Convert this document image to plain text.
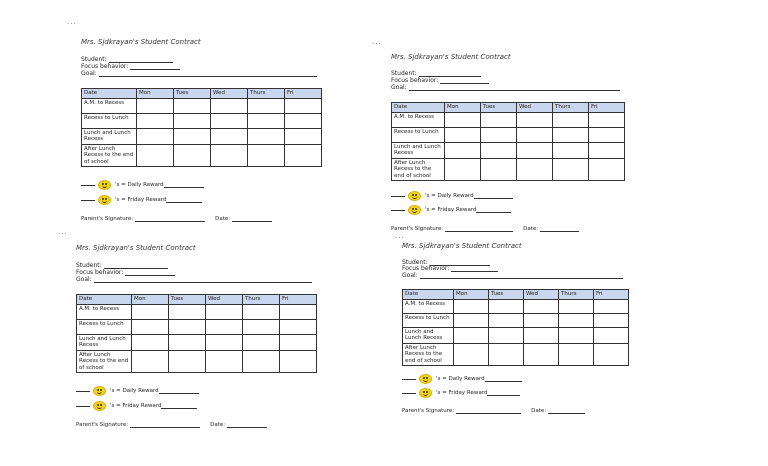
...
...
...
Mrs. Sjdkrayan's Student Contract
Student:
Focus behavior:
Goal:
Date	Mon	Tues	Wed	Thurs	Fri
A.M. to Recess					
Recess to Lunch					
Lunch and Lunch Recess					
After Lunch Recess to the end of school					
's = Daily Reward
's = Friday Reward
Parent's Signature:	Date:
Mrs. Sjdkrayan's Student Contract
Student:
Focus behavior:
Goal:
Date	Mon	Tues	Wed	Thurs	Fri
A.M. to Recess					
Recess to Lunch					
Lunch and Lunch Recess					
After Lunch Recess to the end of school					
's = Daily Reward
's = Friday Reward
Parent's Signature:	Date:
Mrs. Sjdkrayan's Student Contract
Student:
Focus behavior:
Goal:
Date	Mon	Tues	Wed	Thurs	Fri
A.M. to Recess					
Recess to Lunch					
Lunch and Lunch Recess					
After Lunch Recess to the end of school					
's = Daily Reward
's = Friday Reward
Parent's Signature:	Date:
Mrs. Sjdkrayan's Student Contract
Student:
Focus behavior:
Goal:
Date	Mon	Tues	Wed	Thurs	Fri
A.M. to Recess					
Recess to Lunch					
Lunch and Lunch Recess					
After Lunch Recess to the end of school					
's = Daily Reward
's = Friday Reward
Parent's Signature:	Date:
